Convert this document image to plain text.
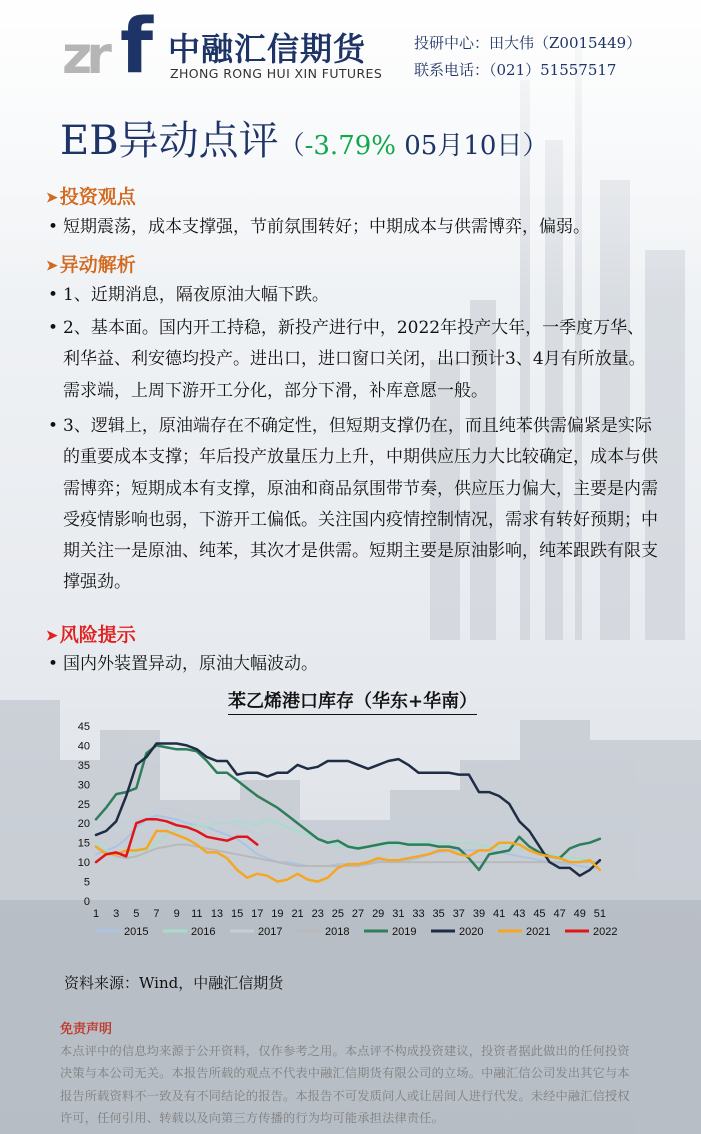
zr f 中融汇信期货
ZHONG RONG HUI XIN FUTURES
投研中心：田大伟（Z0015449）
联系电话：（021）51557517
EB异动点评（-3.79% 05月10日）
➤ 投资观点
• 短期震荡，成本支撑强，节前氛围转好；中期成本与供需博弈，偏弱。
➤ 异动解析
• 1、近期消息，隔夜原油大幅下跌。
• 2、基本面。国内开工持稳，新投产进行中，2022年投产大年，一季度万华、利华益、利安德均投产。进出口，进口窗口关闭，出口预计3、4月有所放量。需求端，上周下游开工分化，部分下滑，补库意愿一般。
• 3、逻辑上，原油端存在不确定性，但短期支撑仍在，而且纯苯供需偏紧是实际的重要成本支撑；年后投产放量压力上升，中期供应压力大比较确定，成本与供需博弈；短期成本有支撑，原油和商品氛围带节奏，供应压力偏大，主要是内需受疫情影响也弱，下游开工偏低。关注国内疫情控制情况，需求有转好预期；中期关注一是原油、纯苯，其次才是供需。短期主要是原油影响，纯苯跟跌有限支撑强劲。
➤ 风险提示
• 国内外装置异动，原油大幅波动。
苯乙烯港口库存（华东+华南）
0
5
10
15
20
25
30
35
40
45
1 3 5 7 9 11 13 15 17 19 21 23 25 27 29 31 33 35 37 39 41 43 45 47 49 51
2015	2016	2017	2018	2019	2020	2021	2022
资料来源：Wind，中融汇信期货
免责声明
本点评中的信息均来源于公开资料，仅作参考之用。本点评不构成投资建议，投资者据此做出的任何投资决策与本公司无关。本报告所载的观点不代表中融汇信期货有限公司的立场。中融汇信公司发出其它与本报告所载资料不一致及有不同结论的报告。本报告不可发质问人或让居间人进行代发。未经中融汇信授权许可，任何引用、转载以及向第三方传播的行为均可能承担法律责任。
